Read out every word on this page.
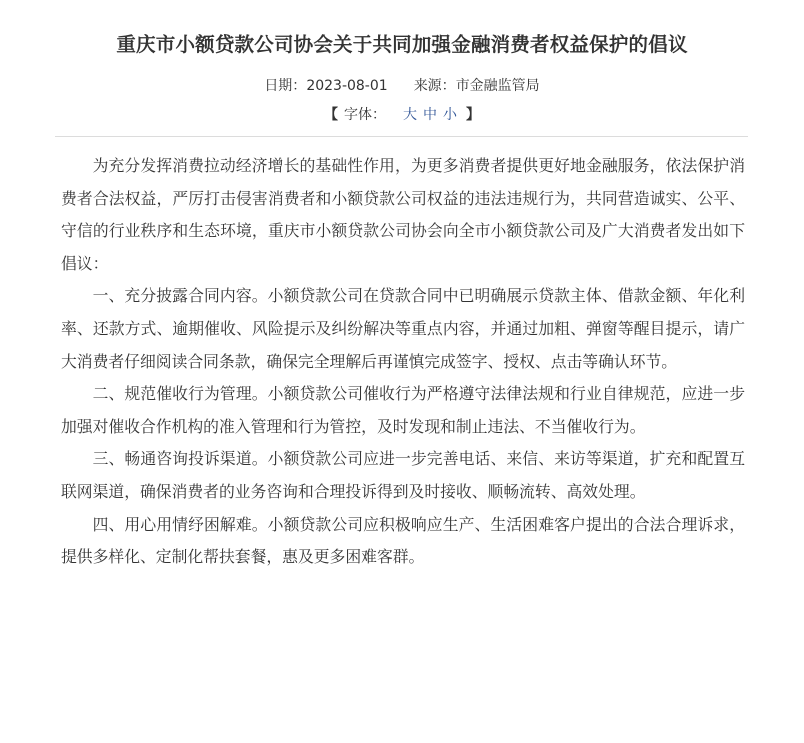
重庆市小额贷款公司协会关于共同加强金融消费者权益保护的倡议
日期：2023-08-01 来源：市金融监管局
【 字体： 大 中 小 】

为充分发挥消费拉动经济增长的基础性作用，为更多消费者提供更好地金融服务，依法保护消费者合法权益，严厉打击侵害消费者和小额贷款公司权益的违法违规行为，共同营造诚实、公平、守信的行业秩序和生态环境，重庆市小额贷款公司协会向全市小额贷款公司及广大消费者发出如下倡议：

一、充分披露合同内容。小额贷款公司在贷款合同中已明确展示贷款主体、借款金额、年化利率、还款方式、逾期催收、风险提示及纠纷解决等重点内容，并通过加粗、弹窗等醒目提示，请广大消费者仔细阅读合同条款，确保完全理解后再谨慎完成签字、授权、点击等确认环节。

二、规范催收行为管理。小额贷款公司催收行为严格遵守法律法规和行业自律规范，应进一步加强对催收合作机构的准入管理和行为管控，及时发现和制止违法、不当催收行为。

三、畅通咨询投诉渠道。小额贷款公司应进一步完善电话、来信、来访等渠道，扩充和配置互联网渠道，确保消费者的业务咨询和合理投诉得到及时接收、顺畅流转、高效处理。

四、用心用情纾困解难。小额贷款公司应积极响应生产、生活困难客户提出的合法合理诉求，提供多样化、定制化帮扶套餐，惠及更多困难客群。
